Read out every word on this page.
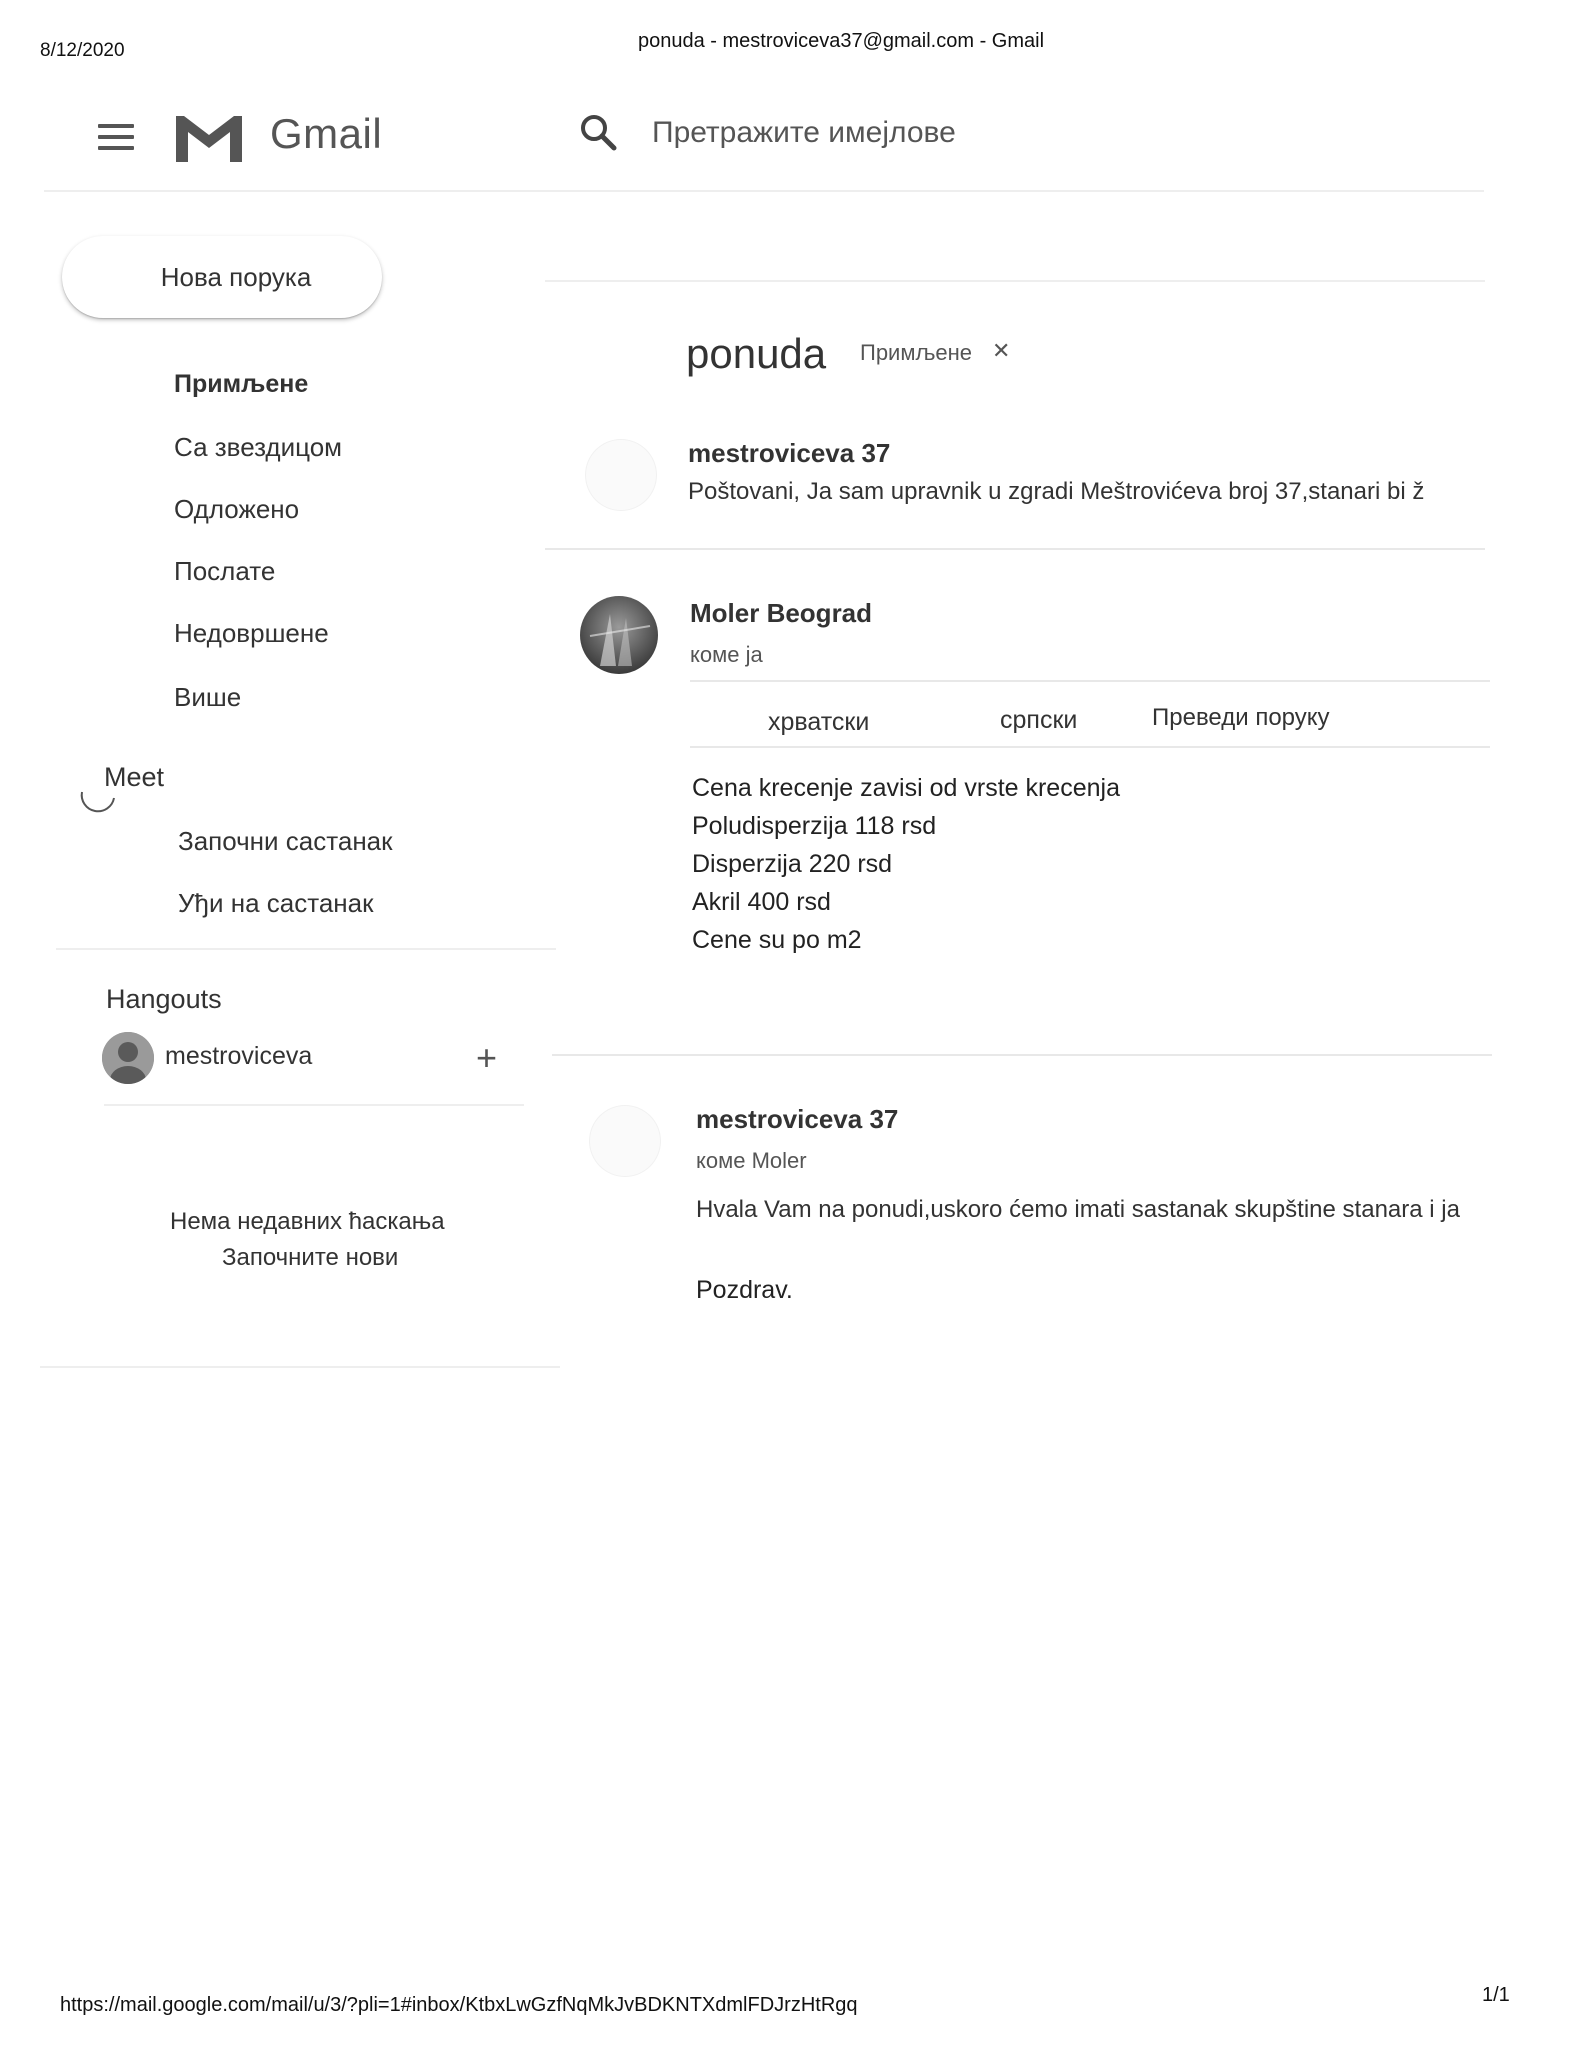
8/12/2020	ponuda - mestroviceva37@gmail.com - Gmail
https://mail.google.com/mail/u/3/?pli=1#inbox/KtbxLwGzfNqMkJvBDKNTXdmlFDJrzHtRgq	1/1
Gmail
Претражите имејлове
Нова порука
Примљене
Са звездицом
Одложено
Послате
Недовршене
Више
Meet
Започни састанак
Уђи на састанак
Hangouts
mestroviceva	+
Нема недавних ћаскања
Започните нови
ponuda Примљене ✕
mestroviceva 37
Poštovani, Ja sam upravnik u zgradi Meštrovićeva broj 37,stanari bi ž
Moler Beograd
коме ја
хрватски	српски	Преведи поруку
Cena krecenje zavisi od vrste krecenja
Poludisperzija 118 rsd
Disperzija 220 rsd
Akril 400 rsd
Cene su po m2
mestroviceva 37
коме Moler
Hvala Vam na ponudi,uskoro ćemo imati sastanak skupštine stanara i ja
Pozdrav.
